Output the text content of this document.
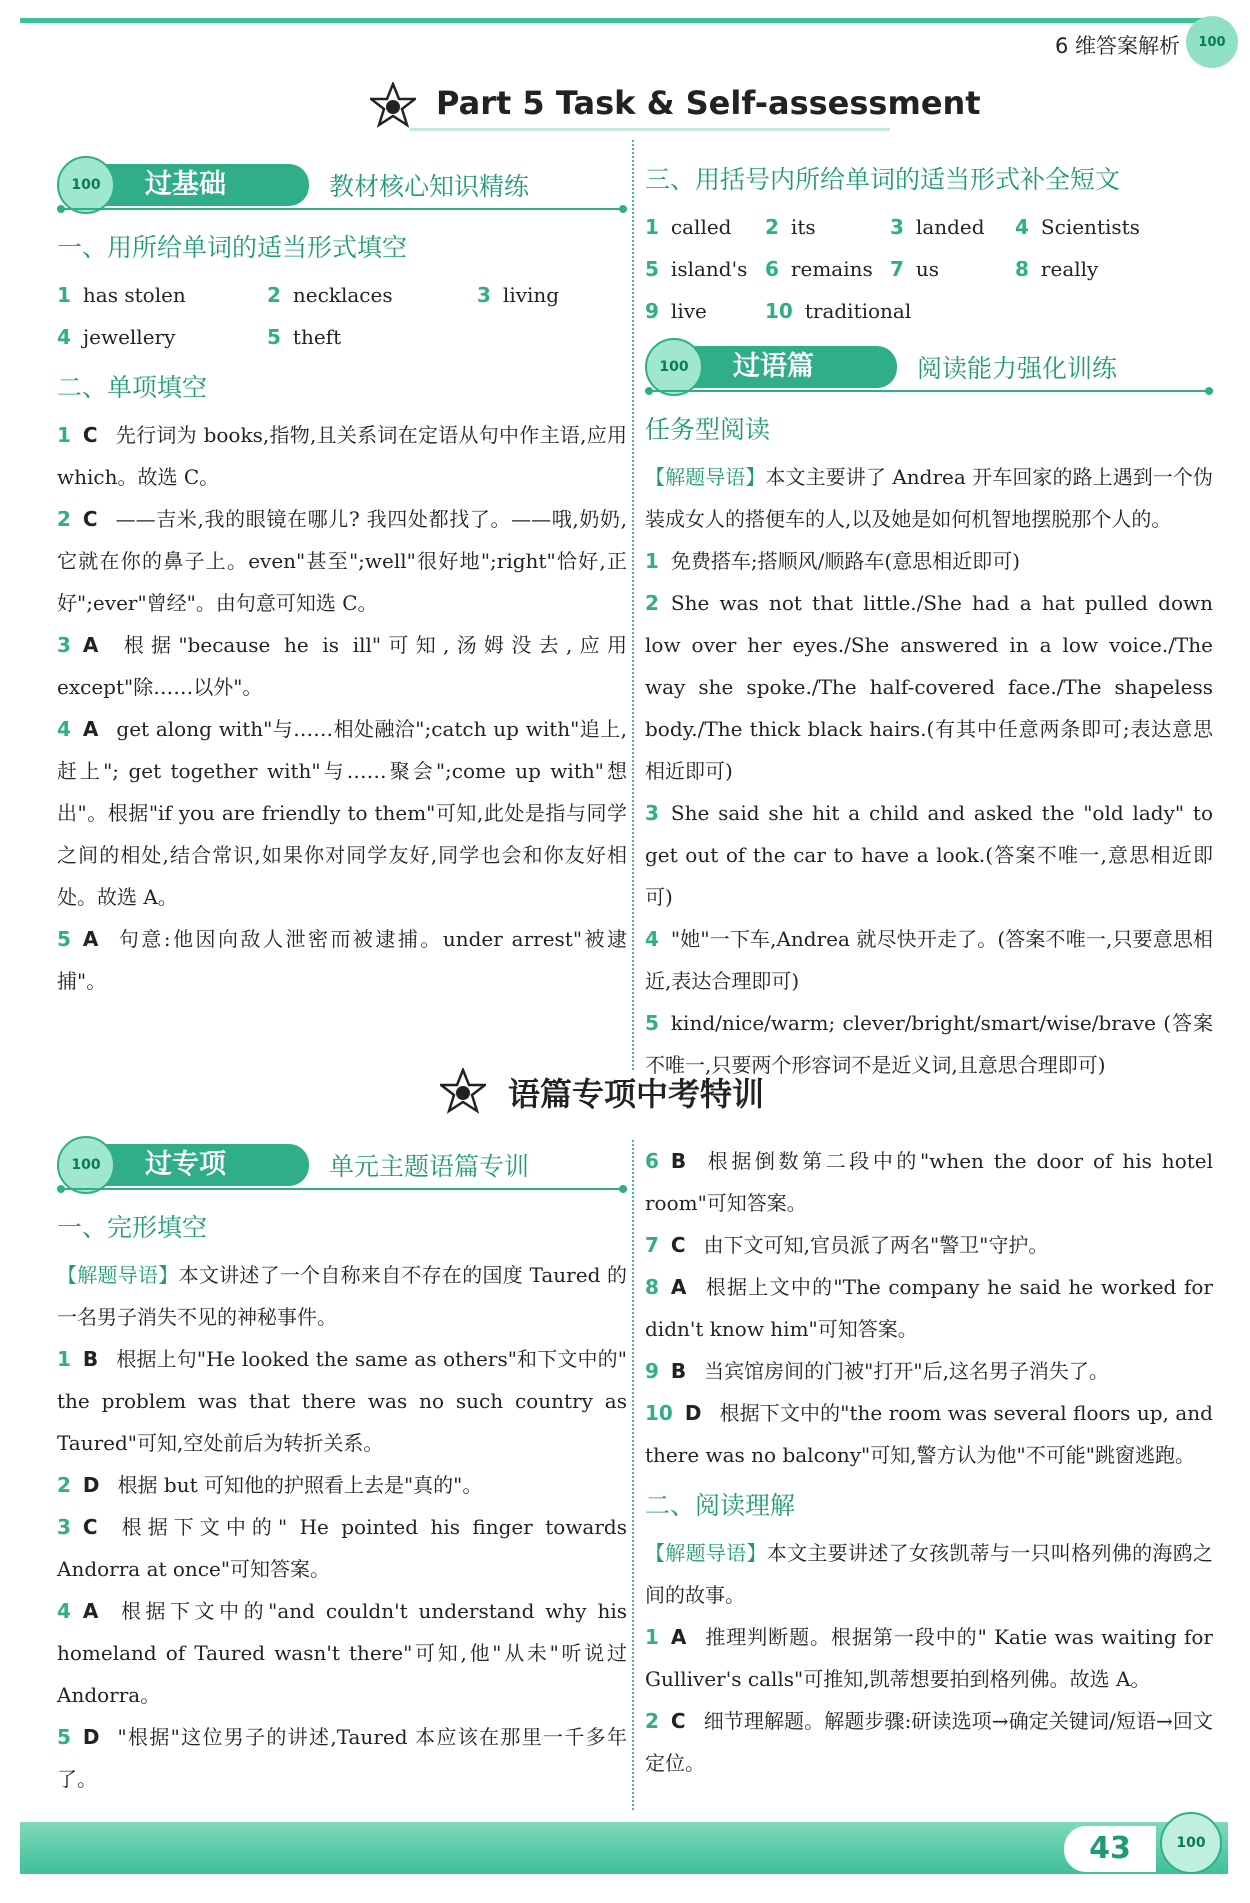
6 维答案解析	100
Part 5 Task & Self-assessment
过基础
100	教材核心知识精练
一、用所给单词的适当形式填空
1 has stolen	2 necklaces	3 living
4 jewellery	5 theft
二、单项填空

1 C 先行词为 books,指物,且关系词在定语从句中作主语,应用 which。故选 C。

2 C ——吉米,我的眼镜在哪儿? 我四处都找了。——哦,奶奶,它就在你的鼻子上。even"甚至";well"很好地";right"恰好,正好";ever"曾经"。由句意可知选 C。

3 A 根据"because he is ill"可知,汤姆没去,应用 except"除……以外"。

4 A get along with"与……相处融洽";catch up with"追上,赶上"; get together with"与……聚会";come up with"想出"。根据"if you are friendly to them"可知,此处是指与同学之间的相处,结合常识,如果你对同学友好,同学也会和你友好相处。故选 A。

5 A 句意:他因向敌人泄密而被逮捕。under arrest"被逮捕"。

三、用括号内所给单词的适当形式补全短文
1 called	2 its	3 landed	4 Scientists
5 island's 6 remains 7 us	8 really
9 live	10 traditional
过语篇
100	阅读能力强化训练
任务型阅读

【解题导语】本文主要讲了 Andrea 开车回家的路上遇到一个伪装成女人的搭便车的人,以及她是如何机智地摆脱那个人的。

1 免费搭车;搭顺风/顺路车(意思相近即可)

2 She was not that little./She had a hat pulled down low over her eyes./She answered in a low voice./The way she spoke./The half-covered face./The shapeless body./The thick black hairs.(有其中任意两条即可;表达意思相近即可)

3 She said she hit a child and asked the "old lady" to get out of the car to have a look.(答案不唯一,意思相近即可)

4 "她"一下车,Andrea 就尽快开走了。(答案不唯一,只要意思相近,表达合理即可)

5 kind/nice/warm; clever/bright/smart/wise/brave (答案不唯一,只要两个形容词不是近义词,且意思合理即可)

语篇专项中考特训
过专项
100	单元主题语篇专训
一、完形填空

【解题导语】本文讲述了一个自称来自不存在的国度 Taured 的一名男子消失不见的神秘事件。

1 B 根据上句"He looked the same as others"和下文中的" the problem was that there was no such country as Taured"可知,空处前后为转折关系。

2 D 根据 but 可知他的护照看上去是"真的"。

3 C 根据下文中的" He pointed his finger towards Andorra at once"可知答案。

4 A 根据下文中的"and couldn't understand why his homeland of Taured wasn't there"可知,他"从未"听说过 Andorra。

5 D "根据"这位男子的讲述,Taured 本应该在那里一千多年了。

6 B 根据倒数第二段中的"when the door of his hotel room"可知答案。

7 C 由下文可知,官员派了两名"警卫"守护。

8 A 根据上文中的"The company he said he worked for didn't know him"可知答案。

9 B 当宾馆房间的门被"打开"后,这名男子消失了。

10 D 根据下文中的"the room was several floors up, and there was no balcony"可知,警方认为他"不可能"跳窗逃跑。

二、阅读理解

【解题导语】本文主要讲述了女孩凯蒂与一只叫格列佛的海鸥之间的故事。

1 A 推理判断题。根据第一段中的" Katie was waiting for Gulliver's calls"可推知,凯蒂想要拍到格列佛。故选 A。

2 C 细节理解题。解题步骤:研读选项→确定关键词/短语→回文定位。

43	100
